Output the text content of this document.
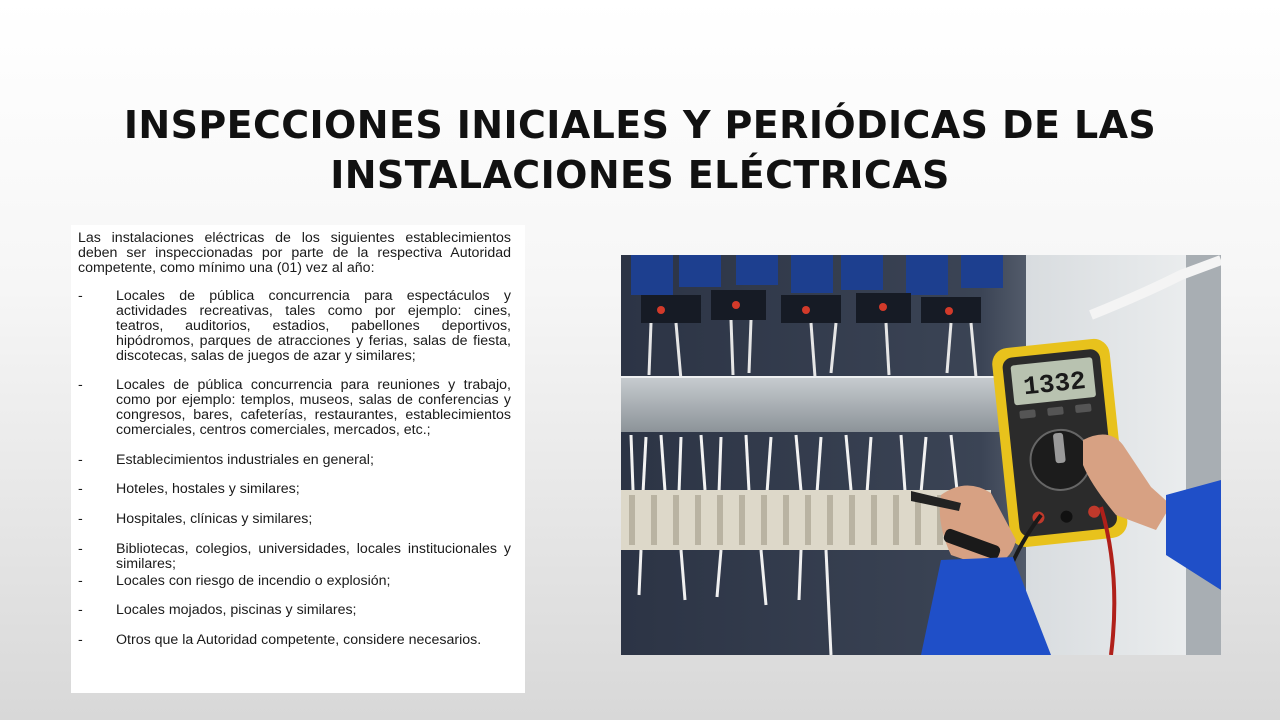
INSPECCIONES INICIALES Y PERIÓDICAS DE LAS
INSTALACIONES ELÉCTRICAS

Las instalaciones eléctricas de los siguientes establecimientos deben ser inspeccionadas por parte de la respectiva Autoridad competente, como mínimo una (01) vez al año:

-	Locales de pública concurrencia para espectáculos y actividades recreativas, tales como por ejemplo: cines, teatros, auditorios, estadios, pabellones deportivos, hipódromos, parques de atracciones y ferias, salas de fiesta, discotecas, salas de juegos de azar y similares;
-	Locales de pública concurrencia para reuniones y trabajo, como por ejemplo: templos, museos, salas de conferencias y congresos, bares, cafeterías, restaurantes, establecimientos comerciales, centros comerciales, mercados, etc.;
-	Establecimientos industriales en general;
-	Hoteles, hostales y similares;
-	Hospitales, clínicas y similares;
-	Bibliotecas, colegios, universidades, locales institucionales y similares;
-	Locales con riesgo de incendio o explosión;
-	Locales mojados, piscinas y similares;
-	Otros que la Autoridad competente, considere necesarios.
1332
